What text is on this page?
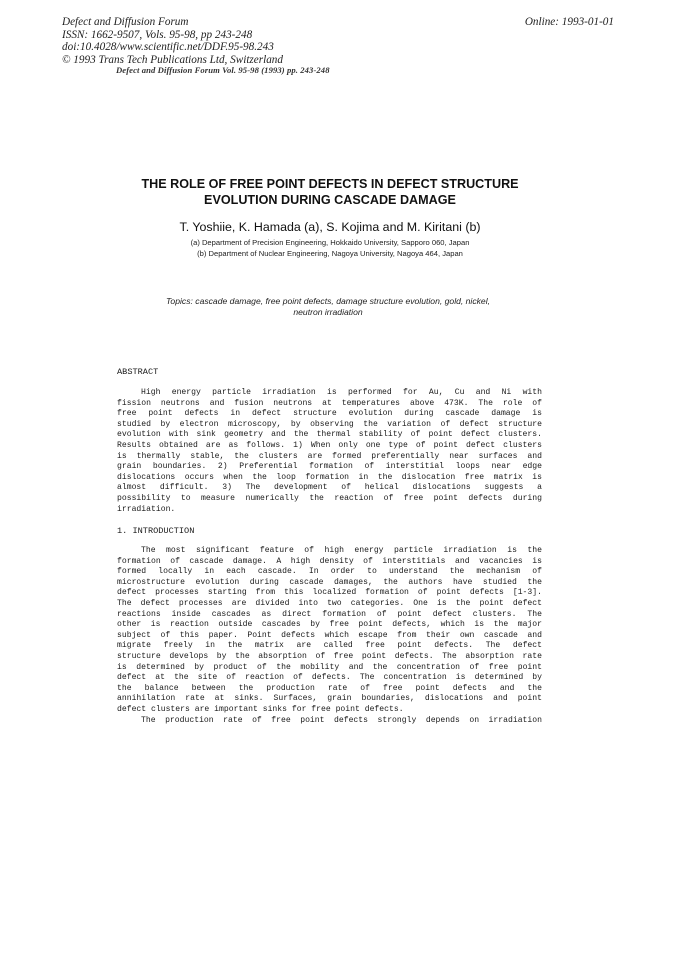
Defect and Diffusion Forum
ISSN: 1662-9507, Vols. 95-98, pp 243-248
doi:10.4028/www.scientific.net/DDF.95-98.243
© 1993 Trans Tech Publications Ltd, Switzerland
Online: 1993-01-01
Defect and Diffusion Forum Vol. 95-98 (1993) pp. 243-248
THE ROLE OF FREE POINT DEFECTS IN DEFECT STRUCTURE
EVOLUTION DURING CASCADE DAMAGE
T. Yoshiie, K. Hamada (a), S. Kojima and M. Kiritani (b)
(a) Department of Precision Engineering, Hokkaido University, Sapporo 060, Japan
(b) Department of Nuclear Engineering, Nagoya University, Nagoya 464, Japan
Topics: cascade damage, free point defects, damage structure evolution, gold, nickel,
neutron irradiation
ABSTRACT
High energy particle irradiation is performed for Au, Cu and Ni with
fission neutrons and fusion neutrons at temperatures above 473K. The role of
free point defects in defect structure evolution during cascade damage is
studied by electron microscopy, by observing the variation of defect structure
evolution with sink geometry and the thermal stability of point defect clusters.
Results obtained are as follows. 1) When only one type of point defect clusters
is thermally stable, the clusters are formed preferentially near surfaces and
grain boundaries. 2) Preferential formation of interstitial loops near edge
dislocations occurs when the loop formation in the dislocation free matrix is
almost difficult. 3) The development of helical dislocations suggests a
possibility to measure numerically the reaction of free point defects during
irradiation.
1. INTRODUCTION
The most significant feature of high energy particle irradiation is the
formation of cascade damage. A high density of interstitials and vacancies is
formed locally in each cascade. In order to understand the mechanism of
microstructure evolution during cascade damages, the authors have studied the
defect processes starting from this localized formation of point defects [1-3].
The defect processes are divided into two categories. One is the point defect
reactions inside cascades as direct formation of point defect clusters. The
other is reaction outside cascades by free point defects, which is the major
subject of this paper. Point defects which escape from their own cascade and
migrate freely in the matrix are called free point defects. The defect
structure develops by the absorption of free point defects. The absorption rate
is determined by product of the mobility and the concentration of free point
defect at the site of reaction of defects. The concentration is determined by
the balance between the production rate of free point defects and the
annihilation rate at sinks. Surfaces, grain boundaries, dislocations and point
defect clusters are important sinks for free point defects.
The production rate of free point defects strongly depends on irradiation
